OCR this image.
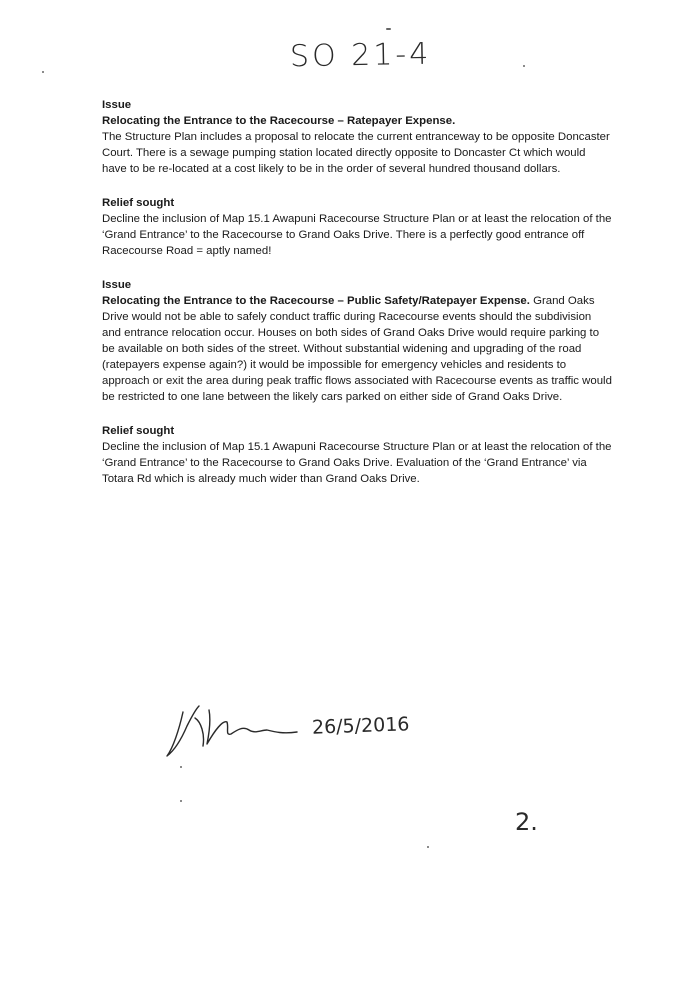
SO 21-4

Issue

Relocating the Entrance to the Racecourse – Ratepayer Expense.

The Structure Plan includes a proposal to relocate the current entranceway to be opposite Doncaster Court. There is a sewage pumping station located directly opposite to Doncaster Ct which would have to be re-located at a cost likely to be in the order of several hundred thousand dollars.

Relief sought

Decline the inclusion of Map 15.1 Awapuni Racecourse Structure Plan or at least the relocation of the ‘Grand Entrance’ to the Racecourse to Grand Oaks Drive. There is a perfectly good entrance off Racecourse Road = aptly named!

Issue

Relocating the Entrance to the Racecourse – Public Safety/Ratepayer Expense. Grand Oaks Drive would not be able to safely conduct traffic during Racecourse events should the subdivision and entrance relocation occur. Houses on both sides of Grand Oaks Drive would require parking to be available on both sides of the street. Without substantial widening and upgrading of the road (ratepayers expense again?) it would be impossible for emergency vehicles and residents to approach or exit the area during peak traffic flows associated with Racecourse events as traffic would be restricted to one lane between the likely cars parked on either side of Grand Oaks Drive.

Relief sought

Decline the inclusion of Map 15.1 Awapuni Racecourse Structure Plan or at least the relocation of the ‘Grand Entrance’ to the Racecourse to Grand Oaks Drive. Evaluation of the ‘Grand Entrance’ via Totara Rd which is already much wider than Grand Oaks Drive.

26/5/2016
2.
